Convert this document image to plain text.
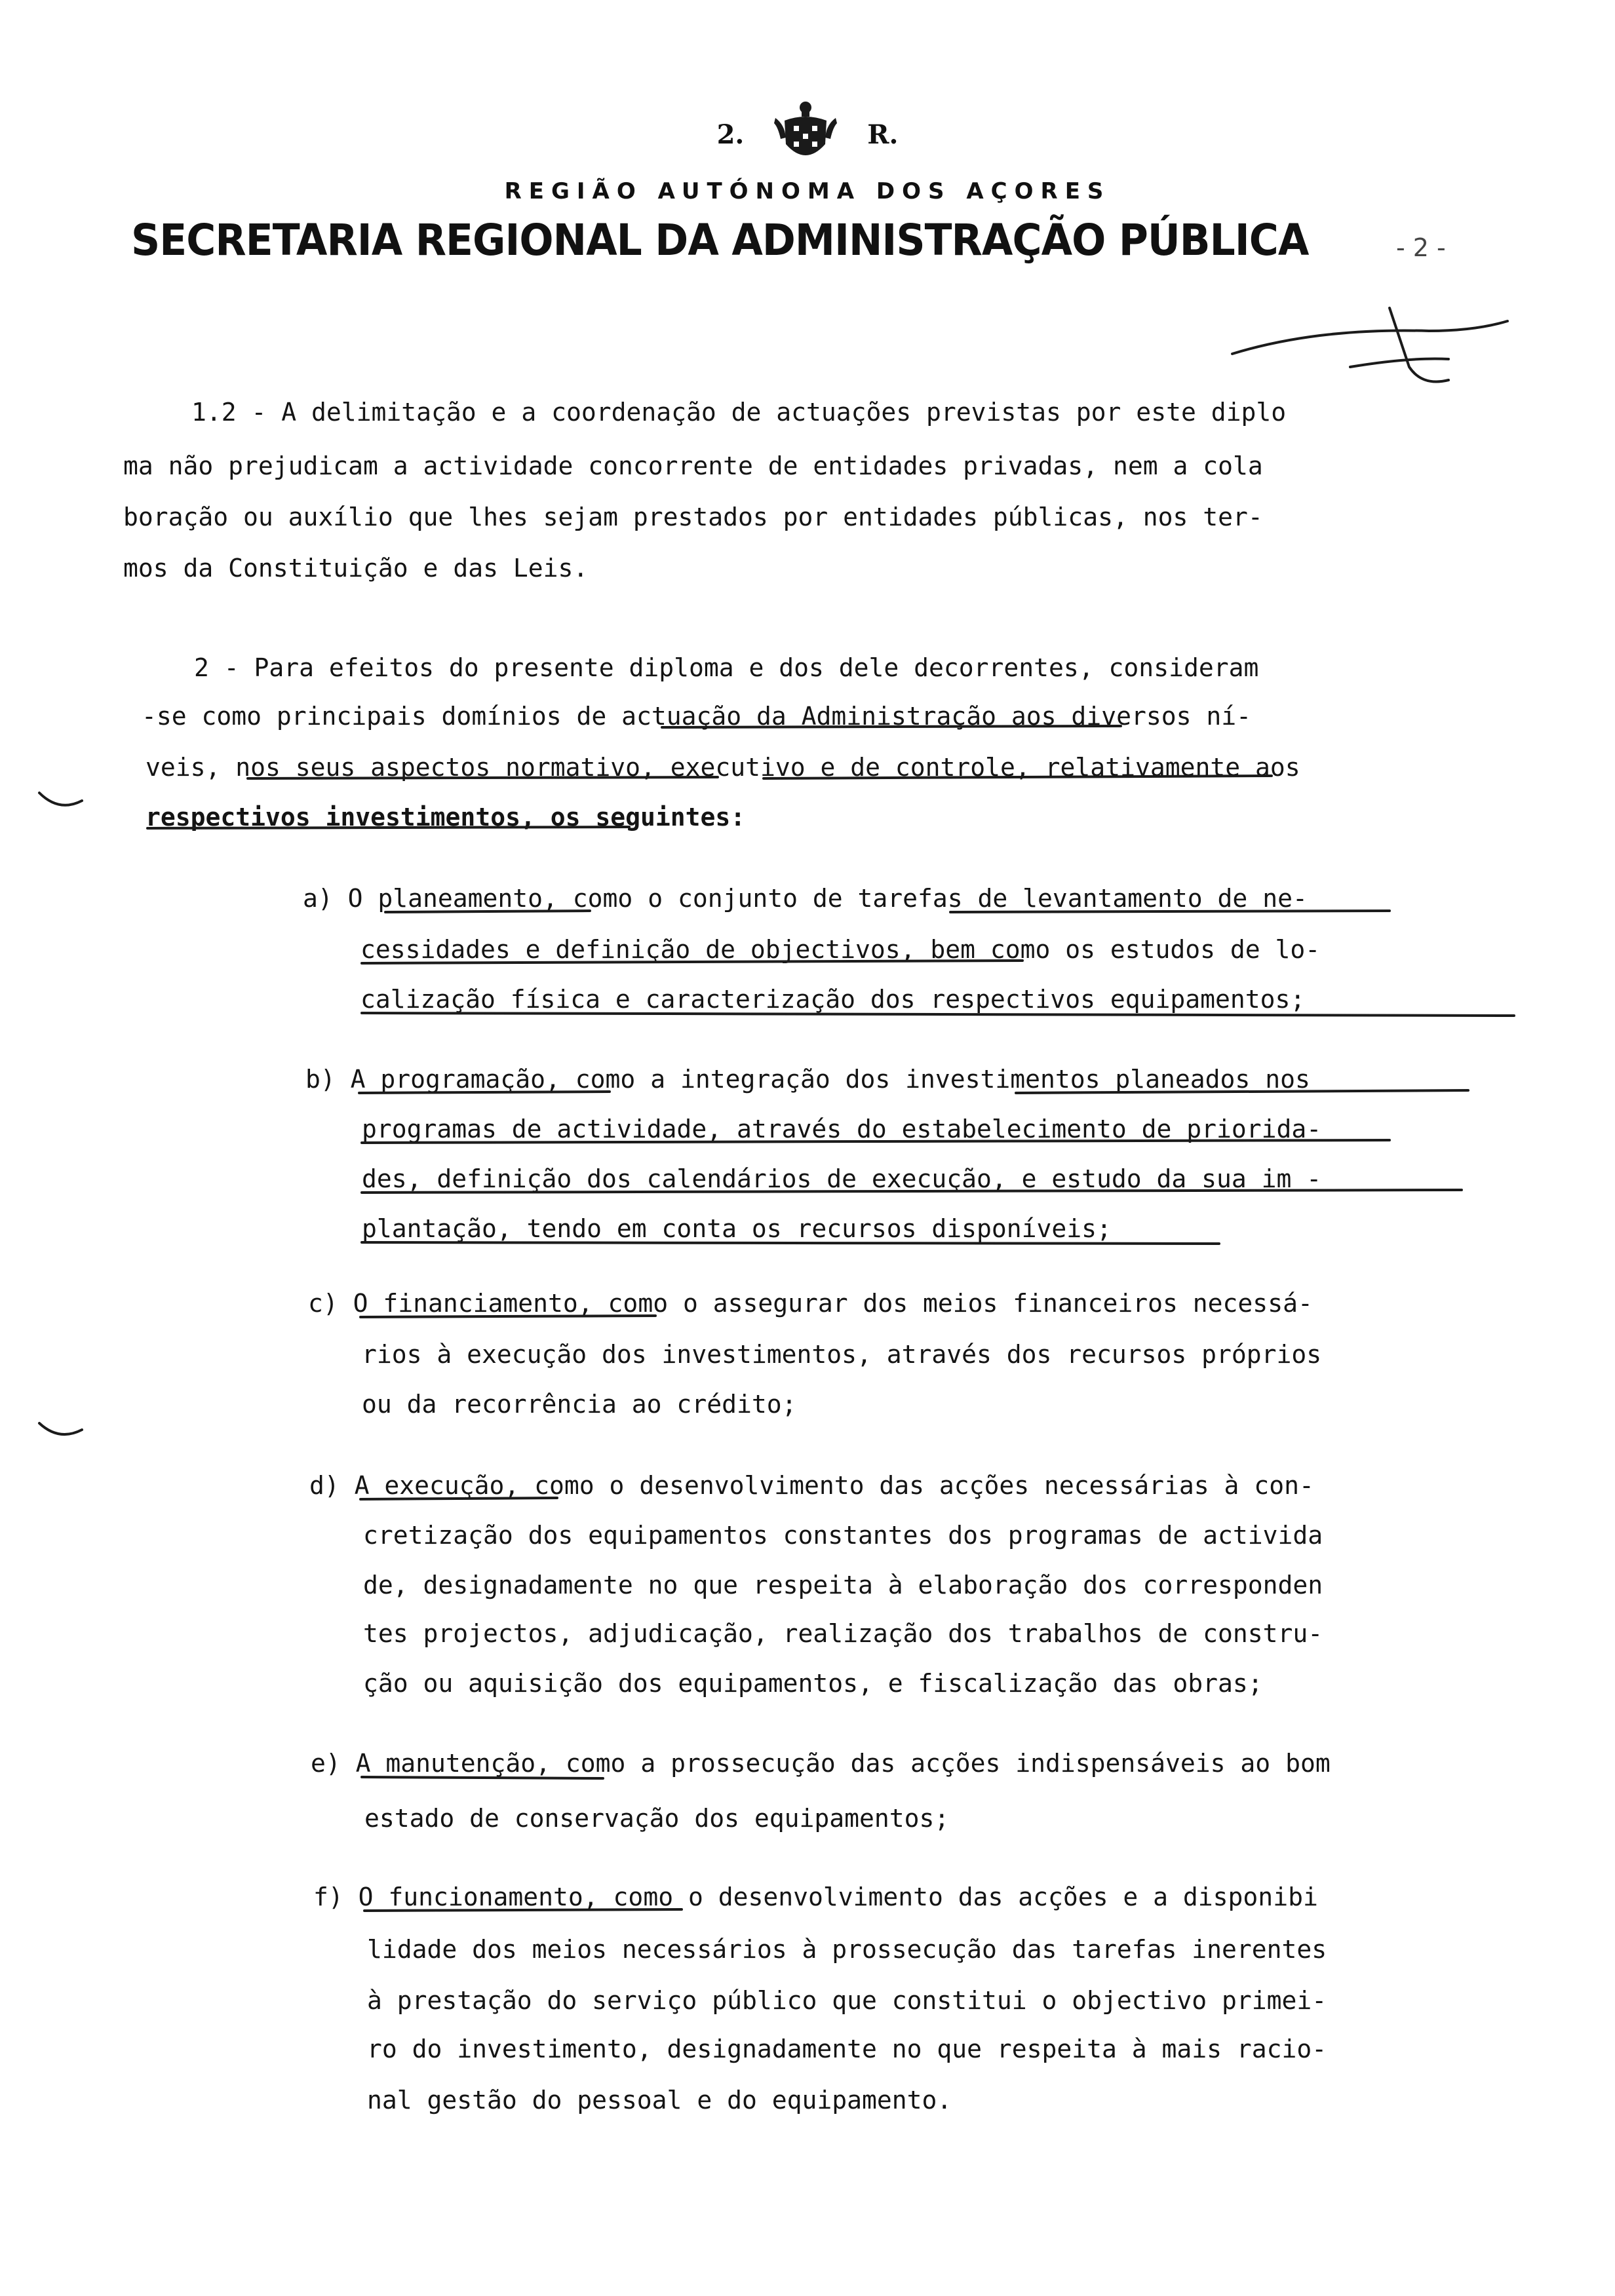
2.	R.
REGIÃO AUTÓNOMA DOS AÇORES
SECRETARIA REGIONAL DA ADMINISTRAÇÃO PÚBLICA	- 2 -
1.2 - A delimitação e a coordenação de actuações previstas por este diplo
ma não prejudicam a actividade concorrente de entidades privadas, nem a cola
boração ou auxílio que lhes sejam prestados por entidades públicas, nos ter-
mos da Constituição e das Leis.
2 - Para efeitos do presente diploma e dos dele decorrentes, consideram
-se como principais domínios de actuação da Administração aos diversos ní-
veis, nos seus aspectos normativo, executivo e de controle, relativamente aos
respectivos investimentos, os seguintes:
a) O planeamento, como o conjunto de tarefas de levantamento de ne-
cessidades e definição de objectivos, bem como os estudos de lo-
calização física e caracterização dos respectivos equipamentos;
b) A programação, como a integração dos investimentos planeados nos
programas de actividade, através do estabelecimento de priorida-
des, definição dos calendários de execução, e estudo da sua im -
plantação, tendo em conta os recursos disponíveis;
c) O financiamento, como o assegurar dos meios financeiros necessá-
rios à execução dos investimentos, através dos recursos próprios
ou da recorrência ao crédito;
d) A execução, como o desenvolvimento das acções necessárias à con-
cretização dos equipamentos constantes dos programas de activida
de, designadamente no que respeita à elaboração dos corresponden
tes projectos, adjudicação, realização dos trabalhos de constru-
ção ou aquisição dos equipamentos, e fiscalização das obras;
e) A manutenção, como a prossecução das acções indispensáveis ao bom
estado de conservação dos equipamentos;
f) O funcionamento, como o desenvolvimento das acções e a disponibi
lidade dos meios necessários à prossecução das tarefas inerentes
à prestação do serviço público que constitui o objectivo primei-
ro do investimento, designadamente no que respeita à mais racio-
nal gestão do pessoal e do equipamento.
